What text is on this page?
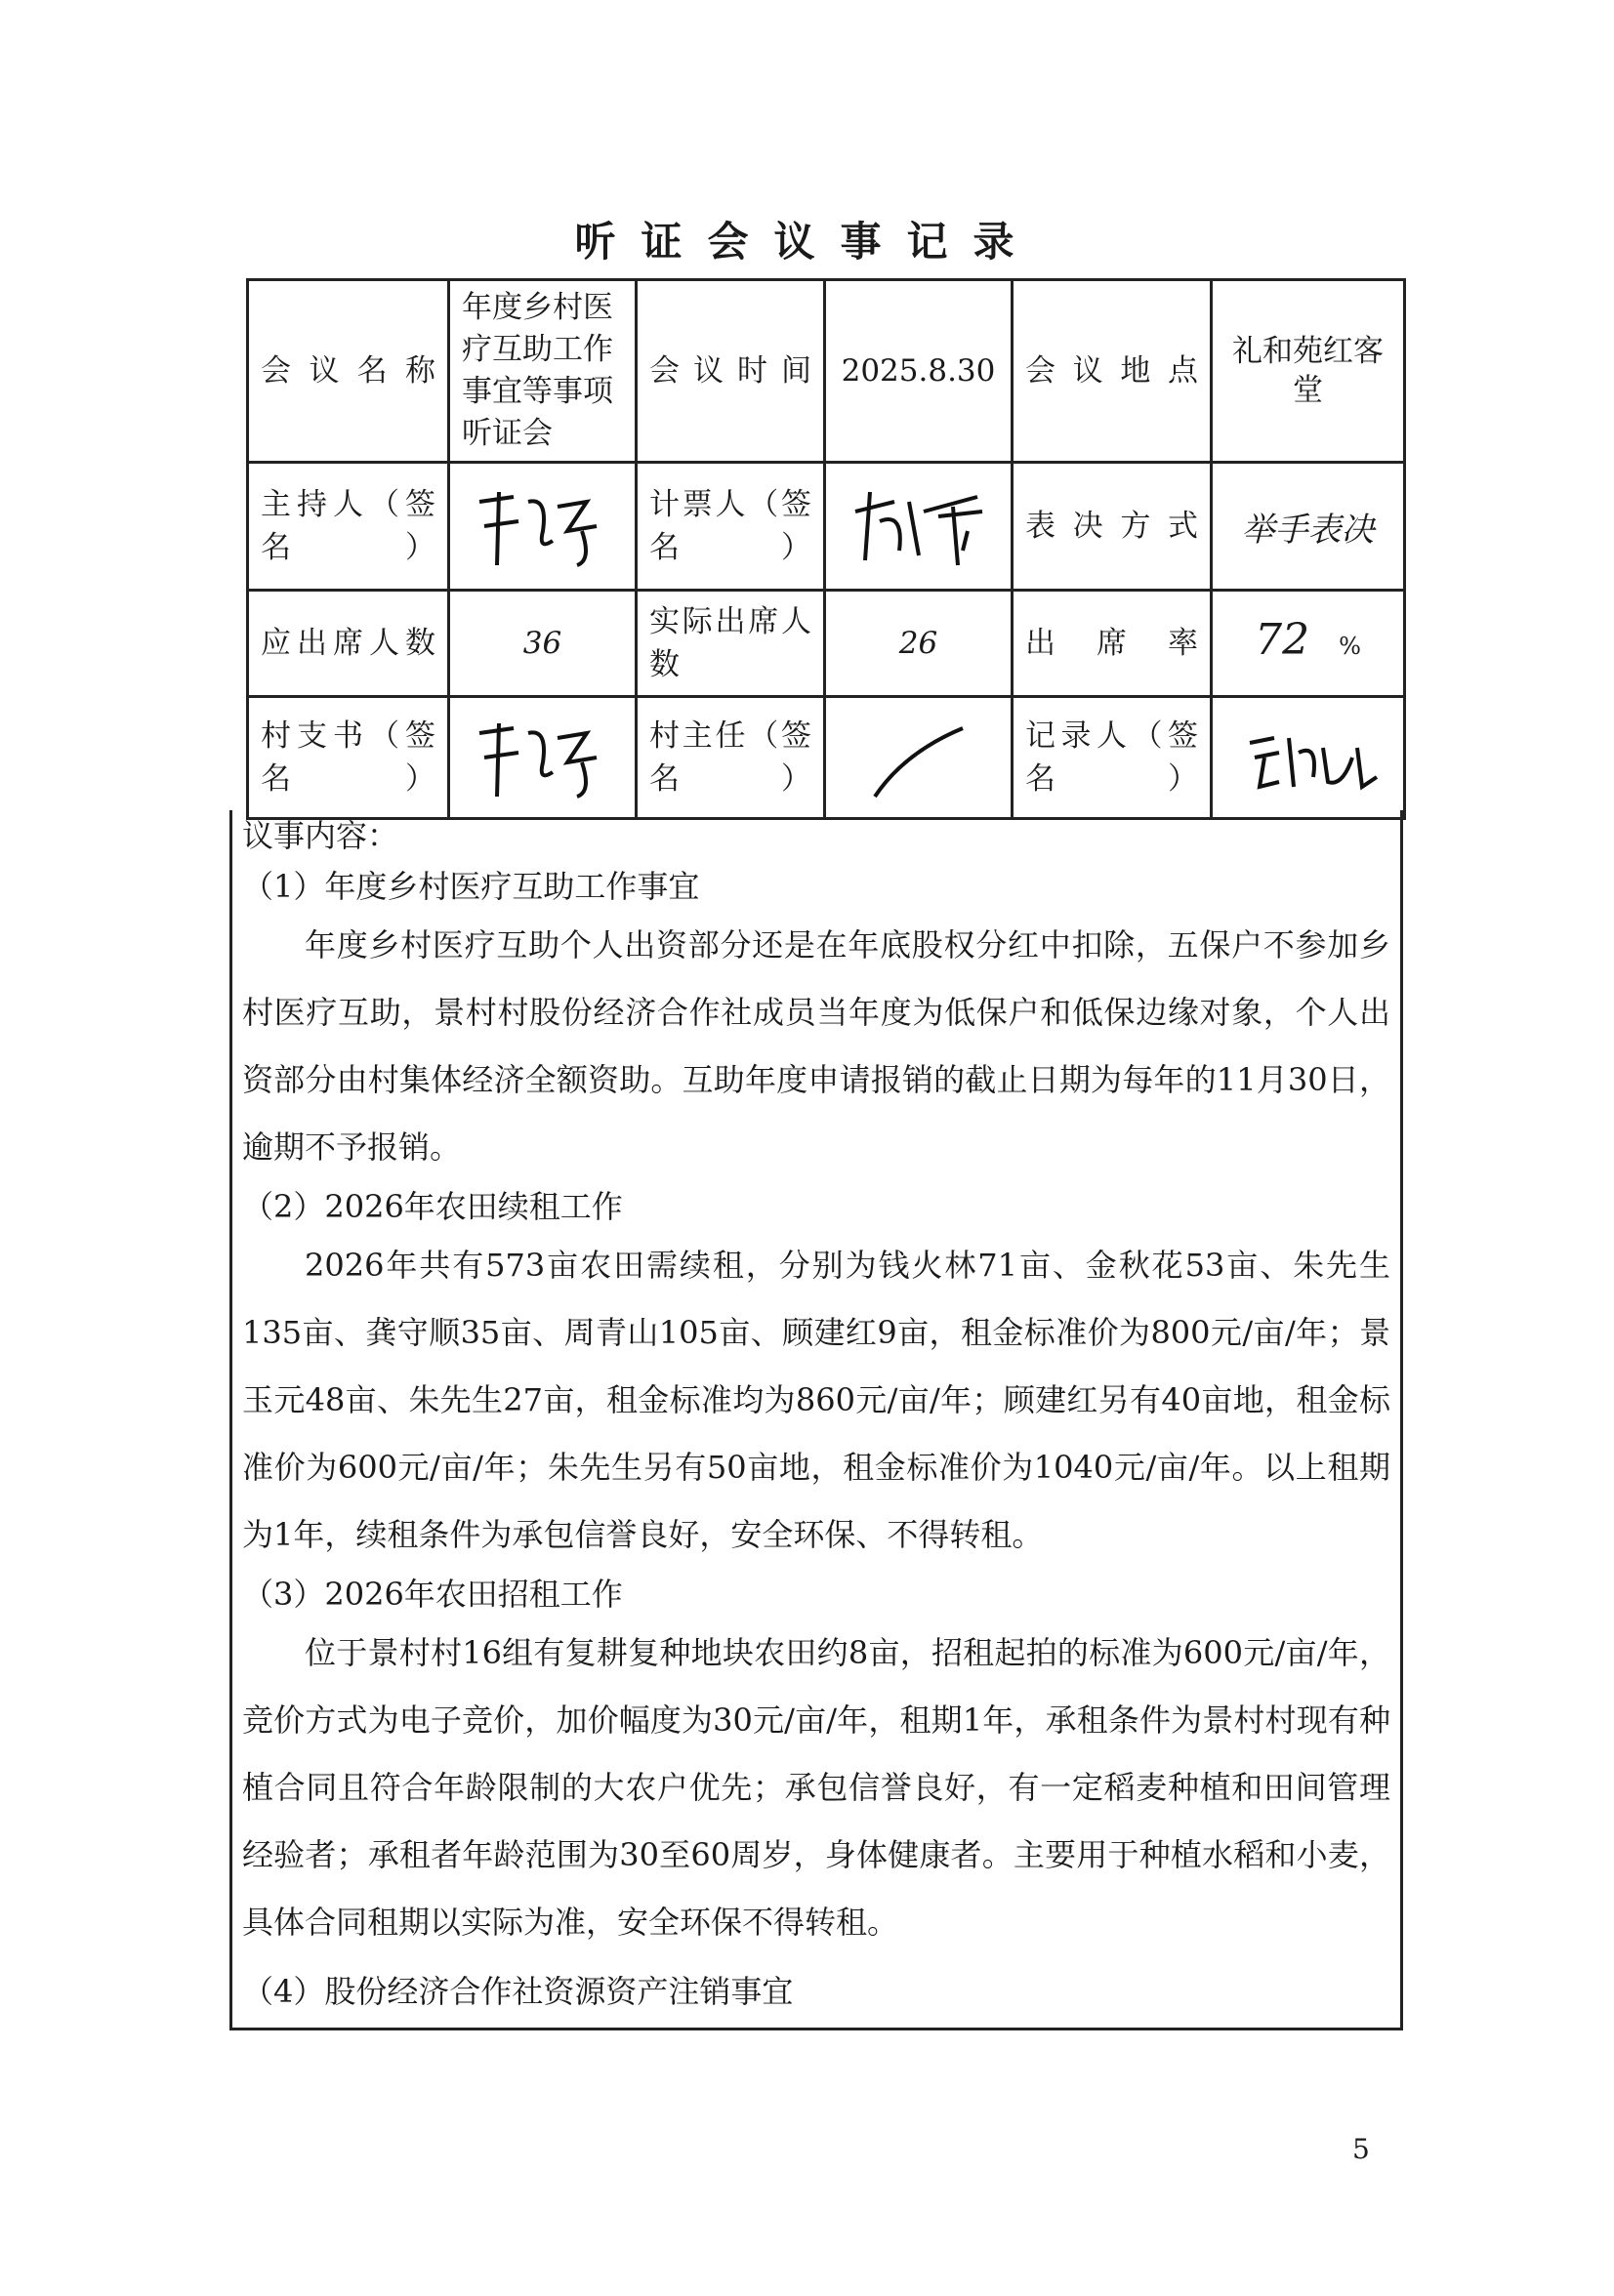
听证会议事记录
会议名称	年度乡村医疗互助工作事宜等事项听证会	会议时间	2025.8.30	会议地点	礼和苑红客堂
主持人（签名）		计票人（签名）		表决方式	举手表决
应出席人数	36	实际出席人数	26	出席率	72 %
村支书（签名）		村主任（签名）		记录人（签名）	

议事内容：

（1）年度乡村医疗互助工作事宜

年度乡村医疗互助个人出资部分还是在年底股权分红中扣除，五保户不参加乡村医疗互助，景村村股份经济合作社成员当年度为低保户和低保边缘对象，个人出资部分由村集体经济全额资助。互助年度申请报销的截止日期为每年的11月30日，逾期不予报销。

（2）2026年农田续租工作

2026年共有573亩农田需续租，分别为钱火林71亩、金秋花53亩、朱先生135亩、龚守顺35亩、周青山105亩、顾建红9亩，租金标准价为800元/亩/年；景玉元48亩、朱先生27亩，租金标准均为860元/亩/年；顾建红另有40亩地，租金标准价为600元/亩/年；朱先生另有50亩地，租金标准价为1040元/亩/年。以上租期为1年，续租条件为承包信誉良好，安全环保、不得转租。

（3）2026年农田招租工作

位于景村村16组有复耕复种地块农田约8亩，招租起拍的标准为600元/亩/年，竞价方式为电子竞价，加价幅度为30元/亩/年，租期1年，承租条件为景村村现有种植合同且符合年龄限制的大农户优先；承包信誉良好，有一定稻麦种植和田间管理经验者；承租者年龄范围为30至60周岁，身体健康者。主要用于种植水稻和小麦，具体合同租期以实际为准，安全环保不得转租。

（4）股份经济合作社资源资产注销事宜

5
